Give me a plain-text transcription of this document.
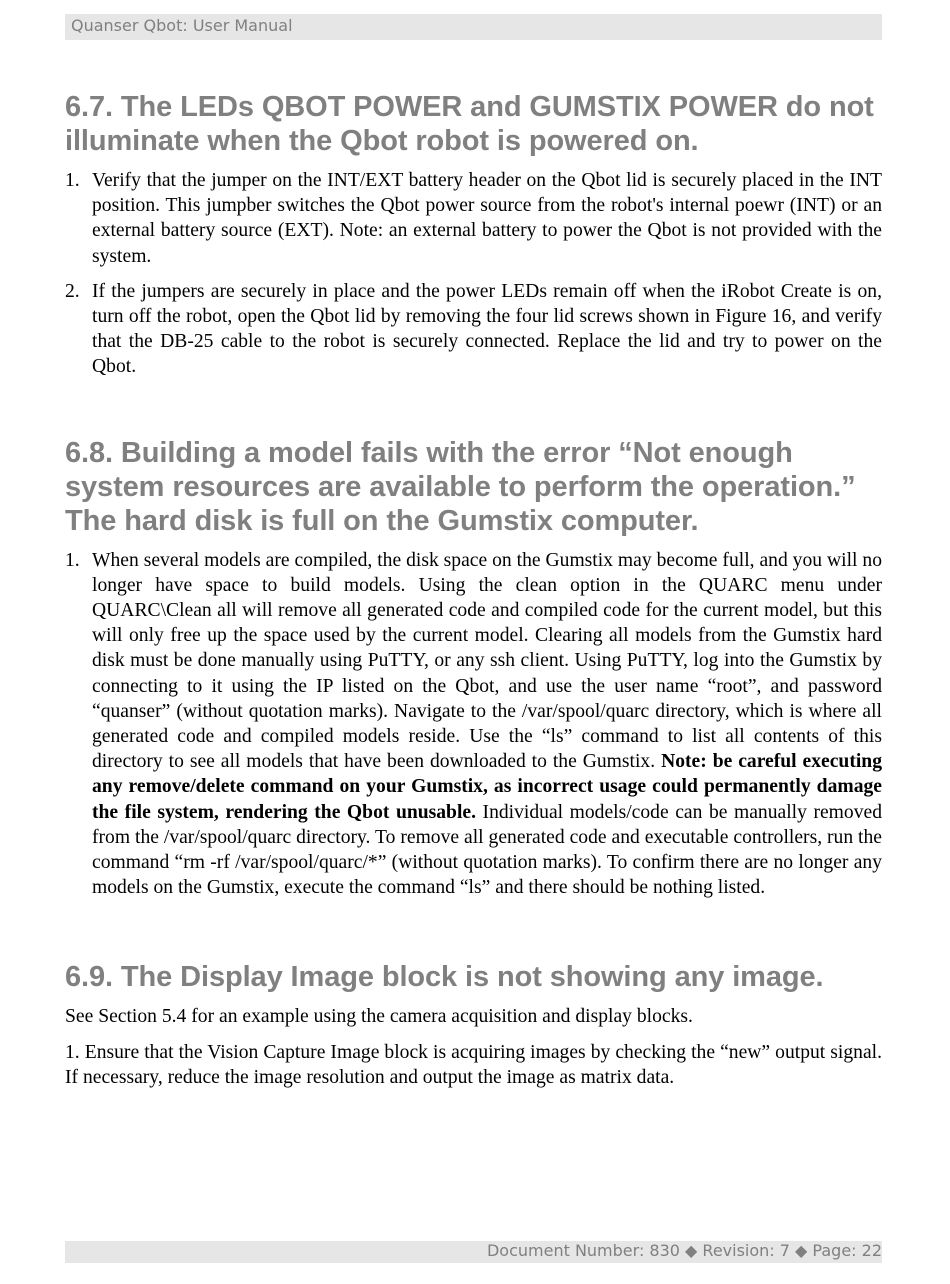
Quanser Qbot: User Manual
6.7. The LEDs QBOT POWER and GUMSTIX POWER do not illuminate when the Qbot robot is powered on.
1. Verify that the jumper on the INT/EXT battery header on the Qbot lid is securely placed in the INT position. This jumpber switches the Qbot power source from the robot's internal poewr (INT) or an external battery source (EXT). Note: an external battery to power the Qbot is not provided with the system.
2. If the jumpers are securely in place and the power LEDs remain off when the iRobot Create is on, turn off the robot, open the Qbot lid by removing the four lid screws shown in Figure 16, and verify that the DB-25 cable to the robot is securely connected. Replace the lid and try to power on the Qbot.
6.8. Building a model fails with the error “Not enough system resources are available to perform the operation.” The hard disk is full on the Gumstix computer.
1. When several models are compiled, the disk space on the Gumstix may become full, and you will no longer have space to build models. Using the clean option in the QUARC menu under QUARC\Clean all will remove all generated code and compiled code for the current model, but this will only free up the space used by the current model. Clearing all models from the Gumstix hard disk must be done manually using PuTTY, or any ssh client. Using PuTTY, log into the Gumstix by connecting to it using the IP listed on the Qbot, and use the user name “root”, and password “quanser” (without quotation marks). Navigate to the /var/spool/quarc directory, which is where all generated code and compiled models reside. Use the “ls” command to list all contents of this directory to see all models that have been downloaded to the Gumstix. Note: be careful executing any remove/delete command on your Gumstix, as incorrect usage could permanently damage the file system, rendering the Qbot unusable. Individual models/code can be manually removed from the /var/spool/quarc directory. To remove all generated code and executable controllers, run the command “rm -rf /var/spool/quarc/*” (without quotation marks). To confirm there are no longer any models on the Gumstix, execute the command “ls” and there should be nothing listed.
6.9. The Display Image block is not showing any image.

See Section 5.4 for an example using the camera acquisition and display blocks.

1. Ensure that the Vision Capture Image block is acquiring images by checking the “new” output signal. If necessary, reduce the image resolution and output the image as matrix data.

Document Number: 830 ◆ Revision: 7 ◆ Page: 22
